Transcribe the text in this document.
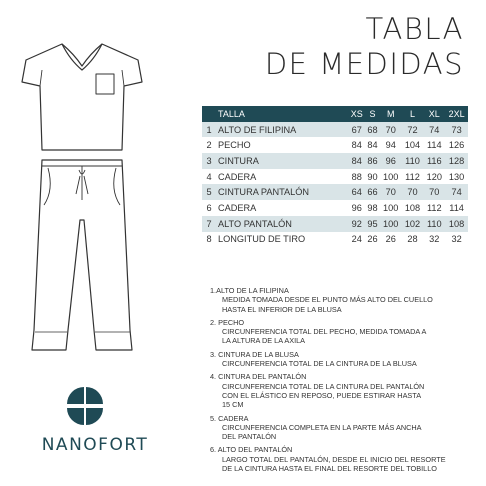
NANOFORT
TABLA
DE MEDIDAS
TALLA		XS	S	M	L	XL	2XL
1	ALTO DE FILIPINA	67	68	70	72	74	73
2	PECHO	84	84	94	104	114	126
3	CINTURA	84	86	96	110	116	128
4	CADERA	88	90	100	112	120	130
5	CINTURA PANTALÓN	64	66	70	70	70	74
6	CADERA	96	98	100	108	112	114
7	ALTO PANTALÓN	92	95	100	102	110	108
8	LONGITUD DE TIRO	24	26	26	28	32	32
1.ALTO DE LA FILIPINA
MEDIDA TOMADA DESDE EL PUNTO MÁS ALTO DEL CUELLO
HASTA EL INFERIOR DE LA BLUSA
2. PECHO
CIRCUNFERENCIA TOTAL DEL PECHO, MEDIDA TOMADA A
LA ALTURA DE LA AXILA
3. CINTURA DE LA BLUSA
CIRCUNFERENCIA TOTAL DE LA CINTURA DE LA BLUSA
4. CINTURA DEL PANTALÓN
CIRCUNFERENCIA TOTAL DE LA CINTURA DEL PANTALÓN
CON EL ELÁSTICO EN REPOSO, PUEDE ESTIRAR HASTA
15 CM
5. CADERA
CIRCUNFERENCIA COMPLETA EN LA PARTE MÁS ANCHA
DEL PANTALÓN
6. ALTO DEL PANTALÓN
LARGO TOTAL DEL PANTALÓN, DESDE EL INICIO DEL RESORTE
DE LA CINTURA HASTA EL FINAL DEL RESORTE DEL TOBILLO
